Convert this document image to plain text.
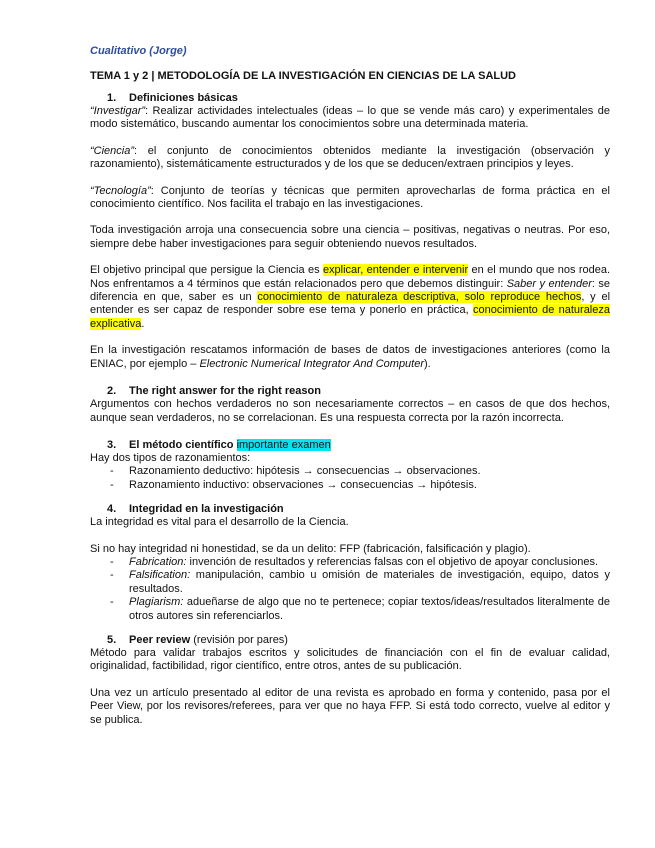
Cualitativo (Jorge)
TEMA 1 y 2 | METODOLOGÍA DE LA INVESTIGACIÓN EN CIENCIAS DE LA SALUD
1. Definiciones básicas

“Investigar”: Realizar actividades intelectuales (ideas – lo que se vende más caro) y experimentales de modo sistemático, buscando aumentar los conocimientos sobre una determinada materia.

“Ciencia”: el conjunto de conocimientos obtenidos mediante la investigación (observación y razonamiento), sistemáticamente estructurados y de los que se deducen/extraen principios y leyes.

“Tecnología”: Conjunto de teorías y técnicas que permiten aprovecharlas de forma práctica en el conocimiento científico. Nos facilita el trabajo en las investigaciones.

Toda investigación arroja una consecuencia sobre una ciencia – positivas, negativas o neutras. Por eso, siempre debe haber investigaciones para seguir obteniendo nuevos resultados.

El objetivo principal que persigue la Ciencia es explicar, entender e intervenir en el mundo que nos rodea. Nos enfrentamos a 4 términos que están relacionados pero que debemos distinguir: Saber y entender: se diferencia en que, saber es un conocimiento de naturaleza descriptiva, solo reproduce hechos, y el entender es ser capaz de responder sobre ese tema y ponerlo en práctica, conocimiento de naturaleza explicativa.

En la investigación rescatamos información de bases de datos de investigaciones anteriores (como la ENIAC, por ejemplo – Electronic Numerical Integrator And Computer).

2. The right answer for the right reason

Argumentos con hechos verdaderos no son necesariamente correctos – en casos de que dos hechos, aunque sean verdaderos, no se correlacionan. Es una respuesta correcta por la razón incorrecta.

3. El método científico importante examen

Hay dos tipos de razonamientos:

- Razonamiento deductivo: hipótesis → consecuencias → observaciones.
- Razonamiento inductivo: observaciones → consecuencias → hipótesis.
4. Integridad en la investigación

La integridad es vital para el desarrollo de la Ciencia.

Si no hay integridad ni honestidad, se da un delito: FFP (fabricación, falsificación y plagio).

- Fabrication: invención de resultados y referencias falsas con el objetivo de apoyar conclusiones.
- Falsification: manipulación, cambio u omisión de materiales de investigación, equipo, datos y resultados.
- Plagiarism: adueñarse de algo que no te pertenece; copiar textos/ideas/resultados literalmente de otros autores sin referenciarlos.
5. Peer review (revisión por pares)

Método para validar trabajos escritos y solicitudes de financiación con el fin de evaluar calidad, originalidad, factibilidad, rigor científico, entre otros, antes de su publicación.

Una vez un artículo presentado al editor de una revista es aprobado en forma y contenido, pasa por el Peer View, por los revisores/referees, para ver que no haya FFP. Si está todo correcto, vuelve al editor y se publica.
